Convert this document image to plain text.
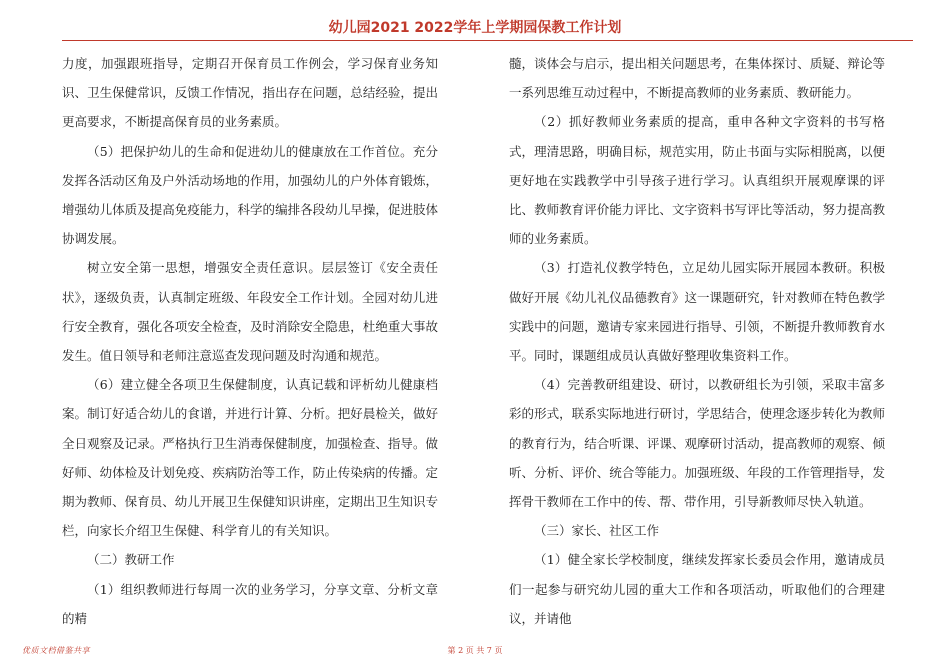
幼儿园2021 2022学年上学期园保教工作计划

力度，加强跟班指导，定期召开保育员工作例会，学习保育业务知识、卫生保健常识，反馈工作情况，指出存在问题，总结经验，提出更高要求，不断提高保育员的业务素质。

（5）把保护幼儿的生命和促进幼儿的健康放在工作首位。充分发挥各活动区角及户外活动场地的作用，加强幼儿的户外体育锻炼，增强幼儿体质及提高免疫能力，科学的编排各段幼儿早操，促进肢体协调发展。

树立安全第一思想，增强安全责任意识。层层签订《安全责任状》，逐级负责，认真制定班级、年段安全工作计划。全园对幼儿进行安全教育，强化各项安全检查，及时消除安全隐患，杜绝重大事故发生。值日领导和老师注意巡查发现问题及时沟通和规范。

（6）建立健全各项卫生保健制度，认真记载和评析幼儿健康档案。制订好适合幼儿的食谱，并进行计算、分析。把好晨检关，做好全日观察及记录。严格执行卫生消毒保健制度，加强检查、指导。做好师、幼体检及计划免疫、疾病防治等工作，防止传染病的传播。定期为教师、保育员、幼儿开展卫生保健知识讲座，定期出卫生知识专栏，向家长介绍卫生保健、科学育儿的有关知识。

（二）教研工作

（1）组织教师进行每周一次的业务学习，分享文章、分析文章的精

髓，谈体会与启示，提出相关问题思考，在集体探讨、质疑、辩论等一系列思维互动过程中，不断提高教师的业务素质、教研能力。

（2）抓好教师业务素质的提高，重申各种文字资料的书写格式，理清思路，明确目标，规范实用，防止书面与实际相脱离，以便更好地在实践教学中引导孩子进行学习。认真组织开展观摩课的评比、教师教育评价能力评比、文字资料书写评比等活动，努力提高教师的业务素质。

（3）打造礼仪教学特色，立足幼儿园实际开展园本教研。积极做好开展《幼儿礼仪品德教育》这一课题研究，针对教师在特色教学实践中的问题，邀请专家来园进行指导、引领，不断提升教师教育水平。同时，课题组成员认真做好整理收集资料工作。

（4）完善教研组建设、研讨，以教研组长为引领，采取丰富多彩的形式，联系实际地进行研讨，学思结合，使理念逐步转化为教师的教育行为，结合听课、评课、观摩研讨活动，提高教师的观察、倾听、分析、评价、统合等能力。加强班级、年段的工作管理指导，发挥骨干教师在工作中的传、帮、带作用，引导新教师尽快入轨道。

（三）家长、社区工作

（1）健全家长学校制度，继续发挥家长委员会作用，邀请成员们一起参与研究幼儿园的重大工作和各项活动，听取他们的合理建议，并请他

优质文档借鉴共享	第 2 页 共 7 页
